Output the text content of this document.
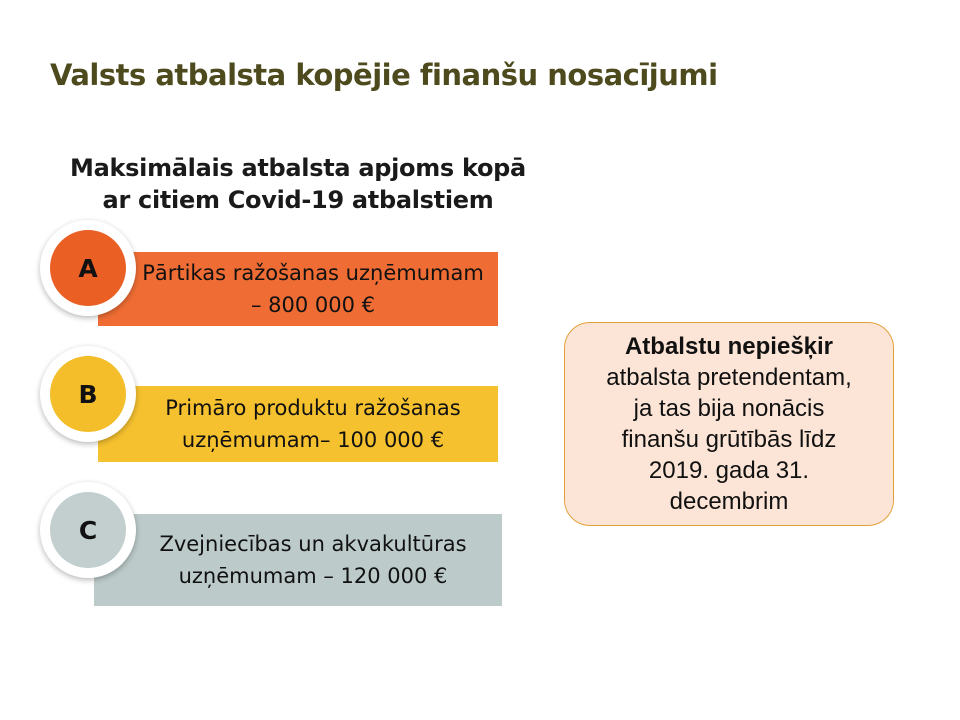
Valsts atbalsta kopējie finanšu nosacījumi
Maksimālais atbalsta apjoms kopā
ar citiem Covid-19 atbalstiem
Pārtikas ražošanas uzņēmumam
– 800 000 €
A
Primāro produktu ražošanas
uzņēmumam– 100 000 €
B
Zvejniecības un akvakultūras
uzņēmumam – 120 000 €
C
Atbalstu nepiešķir
atbalsta pretendentam,
ja tas bija nonācis
finanšu grūtībās līdz
2019. gada 31.
decembrim
